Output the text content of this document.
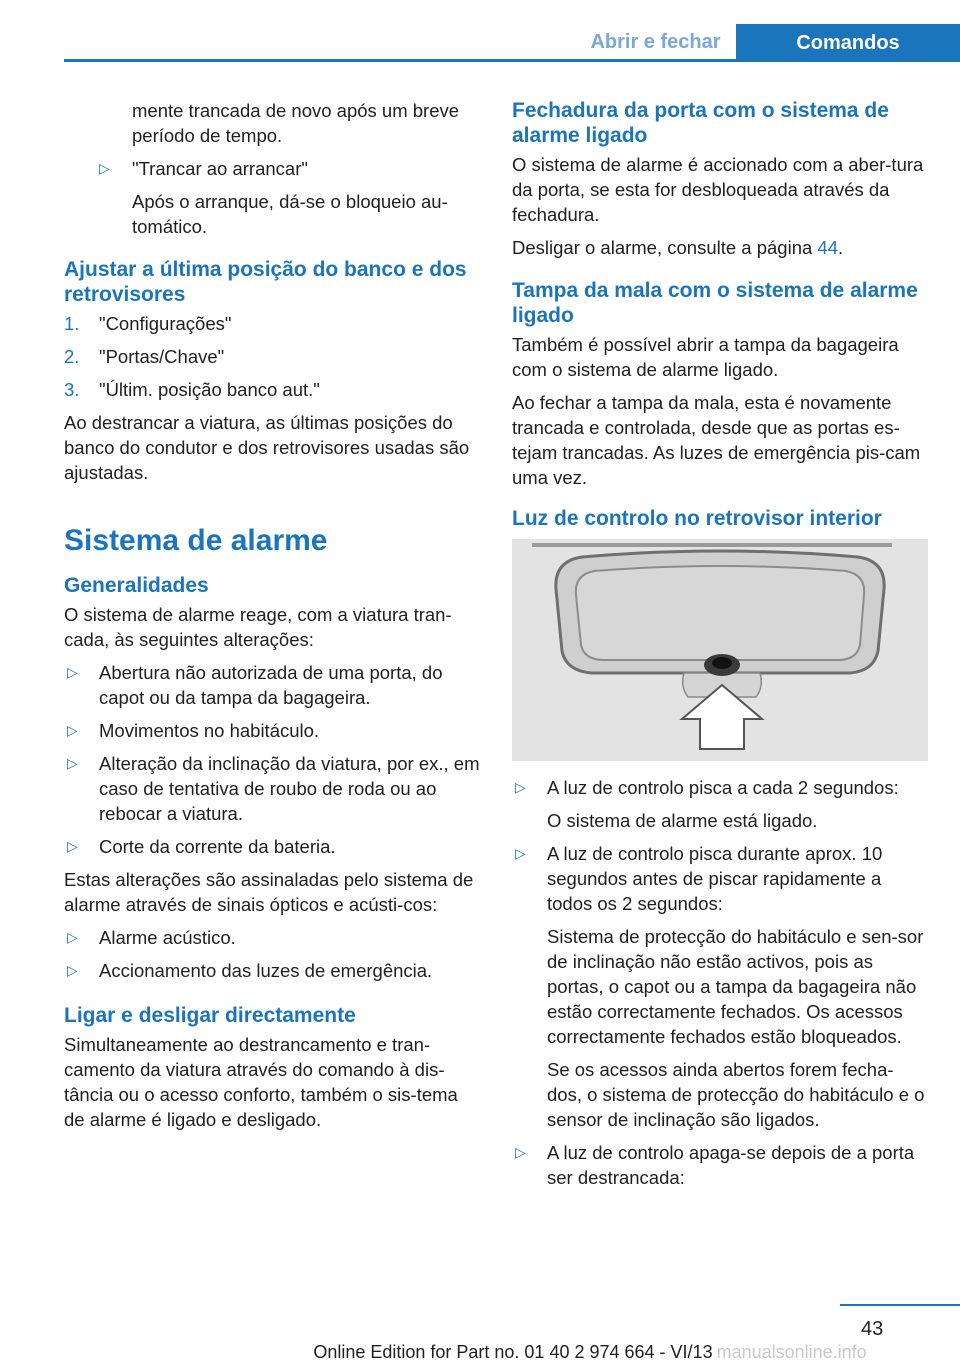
Abrir e fechar	Comandos

mente trancada de novo após um breve período de tempo.

▷ "Trancar ao arrancar"

Após o arranque, dá-se o bloqueio au-tomático.

Ajustar a última posição do banco e dos retrovisores
1. "Configurações"
2. "Portas/Chave"
3. "Últim. posição banco aut."

Ao destrancar a viatura, as últimas posições do banco do condutor e dos retrovisores usadas são ajustadas.

Sistema de alarme
Generalidades

O sistema de alarme reage, com a viatura tran-cada, às seguintes alterações:

▷ Abertura não autorizada de uma porta, do capot ou da tampa da bagageira.
▷ Movimentos no habitáculo.
▷ Alteração da inclinação da viatura, por ex., em caso de tentativa de roubo de roda ou ao rebocar a viatura.
▷ Corte da corrente da bateria.

Estas alterações são assinaladas pelo sistema de alarme através de sinais ópticos e acústi-cos:

▷ Alarme acústico.
▷ Accionamento das luzes de emergência.
Ligar e desligar directamente

Simultaneamente ao destrancamento e tran-camento da viatura através do comando à dis-tância ou o acesso conforto, também o sis-tema de alarme é ligado e desligado.

Fechadura da porta com o sistema de alarme ligado

O sistema de alarme é accionado com a aber-tura da porta, se esta for desbloqueada através da fechadura.

Desligar o alarme, consulte a página 44.

Tampa da mala com o sistema de alarme ligado

Também é possível abrir a tampa da bagageira com o sistema de alarme ligado.

Ao fechar a tampa da mala, esta é novamente trancada e controlada, desde que as portas es-tejam trancadas. As luzes de emergência pis-cam uma vez.

Luz de controlo no retrovisor interior
▷ A luz de controlo pisca a cada 2 segundos:

O sistema de alarme está ligado.

▷ A luz de controlo pisca durante aprox. 10 segundos antes de piscar rapidamente a todos os 2 segundos:

Sistema de protecção do habitáculo e sen-sor de inclinação não estão activos, pois as portas, o capot ou a tampa da bagageira não estão correctamente fechados. Os acessos correctamente fechados estão bloqueados.

Se os acessos ainda abertos forem fecha-dos, o sistema de protecção do habitáculo e o sensor de inclinação são ligados.

▷ A luz de controlo apaga-se depois de a porta ser destrancada:
43
Online Edition for Part no. 01 40 2 974 664 - VI/13 manualsonline.info
